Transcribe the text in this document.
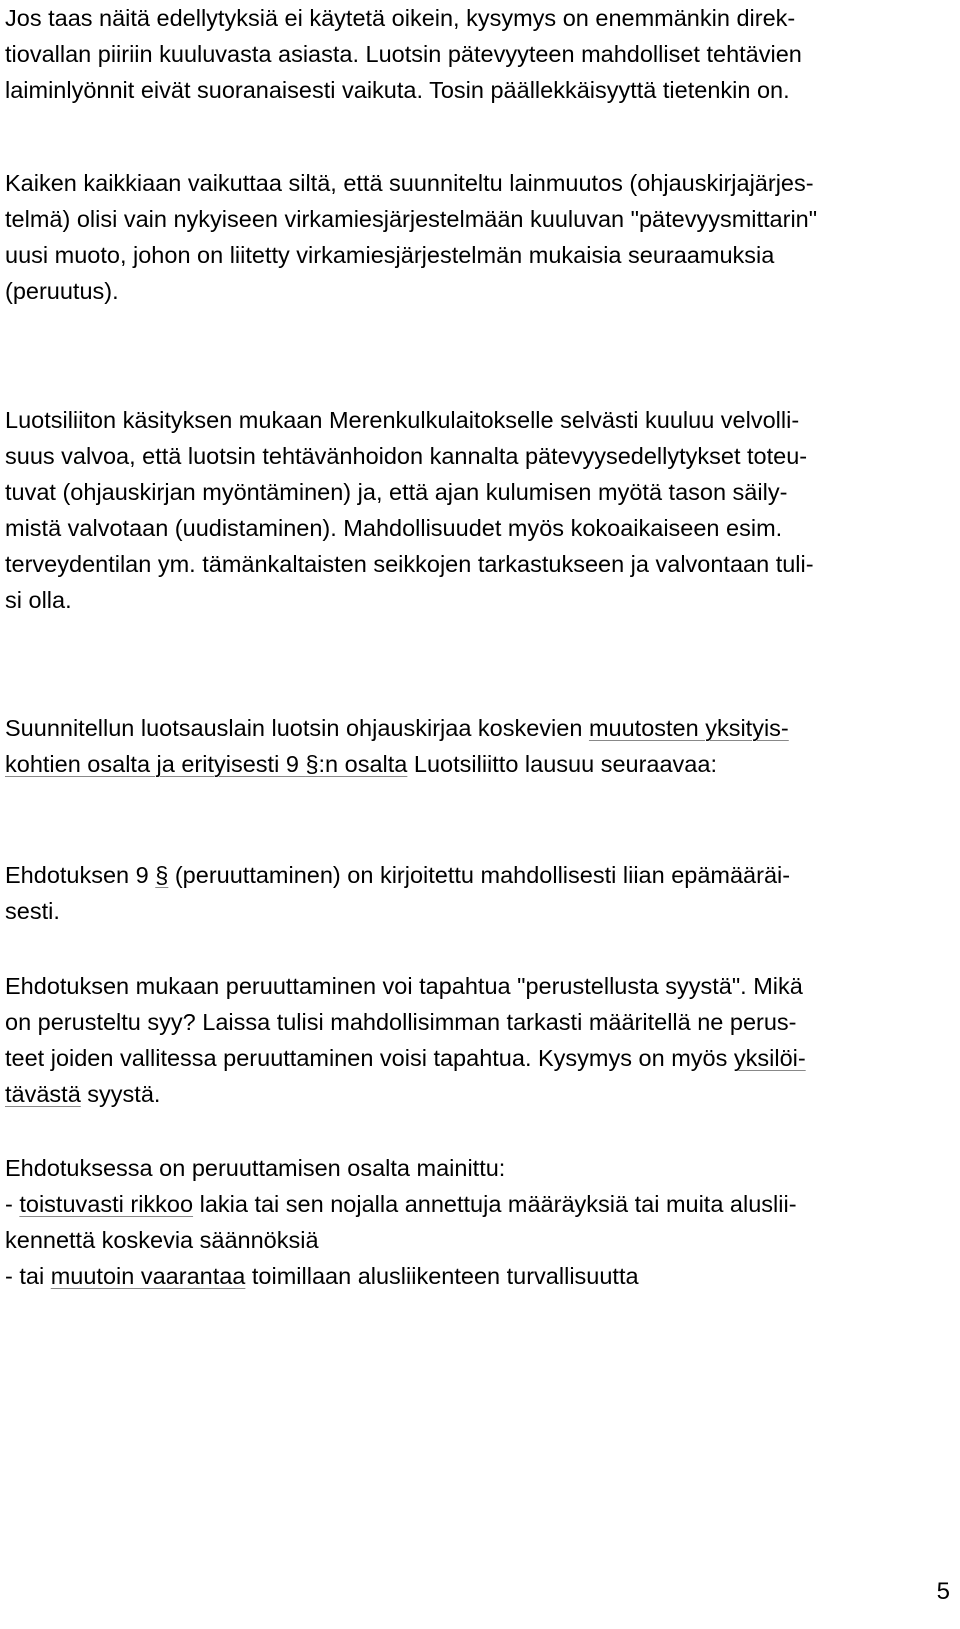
Jos taas näitä edellytyksiä ei käytetä oikein, kysymys on enemmänkin direk-
tiovallan piiriin kuuluvasta asiasta. Luotsin pätevyyteen mahdolliset tehtävien
laiminlyönnit eivät suoranaisesti vaikuta. Tosin päällekkäisyyttä tietenkin on.

Kaiken kaikkiaan vaikuttaa siltä, että suunniteltu lainmuutos (ohjauskirjajärjes-
telmä) olisi vain nykyiseen virkamiesjärjestelmään kuuluvan "pätevyysmittarin"
uusi muoto, johon on liitetty virkamiesjärjestelmän mukaisia seuraamuksia
(peruutus).

Luotsiliiton käsityksen mukaan Merenkulkulaitokselle selvästi kuuluu velvolli-
suus valvoa, että luotsin tehtävänhoidon kannalta pätevyysedellytykset toteu-
tuvat (ohjauskirjan myöntäminen) ja, että ajan kulumisen myötä tason säily-
mistä valvotaan (uudistaminen). Mahdollisuudet myös kokoaikaiseen esim.
terveydentilan ym. tämänkaltaisten seikkojen tarkastukseen ja valvontaan tuli-
si olla.

Suunnitellun luotsauslain luotsin ohjauskirjaa koskevien muutosten yksityis-
kohtien osalta ja erityisesti 9 §:n osalta Luotsiliitto lausuu seuraavaa:

Ehdotuksen 9 § (peruuttaminen) on kirjoitettu mahdollisesti liian epämääräi-
sesti.

Ehdotuksen mukaan peruuttaminen voi tapahtua "perustellusta syystä". Mikä
on perusteltu syy? Laissa tulisi mahdollisimman tarkasti määritellä ne perus-
teet joiden vallitessa peruuttaminen voisi tapahtua. Kysymys on myös yksilöi-
tävästä syystä.

Ehdotuksessa on peruuttamisen osalta mainittu:
- toistuvasti rikkoo lakia tai sen nojalla annettuja määräyksiä tai muita aluslii-
kennettä koskevia säännöksiä
- tai muutoin vaarantaa toimillaan alusliikenteen turvallisuutta

5
